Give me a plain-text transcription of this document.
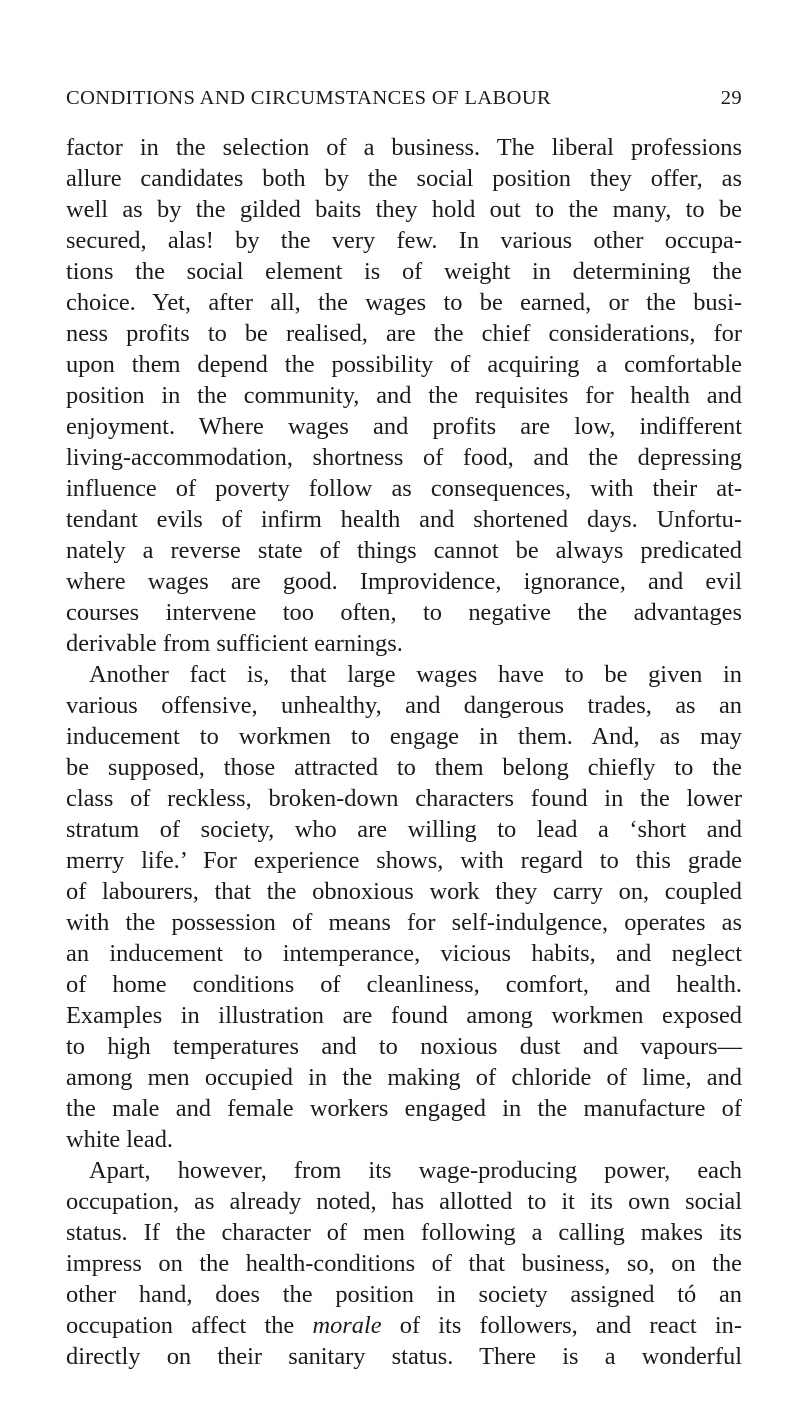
CONDITIONS AND CIRCUMSTANCES OF LABOUR	29
factor in the selection of a business. The liberal professions
allure candidates both by the social position they offer, as
well as by the gilded baits they hold out to the many, to be
secured, alas! by the very few. In various other occupa-
tions the social element is of weight in determining the
choice. Yet, after all, the wages to be earned, or the busi-
ness profits to be realised, are the chief considerations, for
upon them depend the possibility of acquiring a comfortable
position in the community, and the requisites for health and
enjoyment. Where wages and profits are low, indifferent
living-accommodation, shortness of food, and the depressing
influence of poverty follow as consequences, with their at-
tendant evils of infirm health and shortened days. Unfortu-
nately a reverse state of things cannot be always predicated
where wages are good. Improvidence, ignorance, and evil
courses intervene too often, to negative the advantages
derivable from sufficient earnings.
Another fact is, that large wages have to be given in
various offensive, unhealthy, and dangerous trades, as an
inducement to workmen to engage in them. And, as may
be supposed, those attracted to them belong chiefly to the
class of reckless, broken-down characters found in the lower
stratum of society, who are willing to lead a ‘short and
merry life.’ For experience shows, with regard to this grade
of labourers, that the obnoxious work they carry on, coupled
with the possession of means for self-indulgence, operates as
an inducement to intemperance, vicious habits, and neglect
of home conditions of cleanliness, comfort, and health.
Examples in illustration are found among workmen exposed
to high temperatures and to noxious dust and vapours—
among men occupied in the making of chloride of lime, and
the male and female workers engaged in the manufacture of
white lead.
Apart, however, from its wage-producing power, each
occupation, as already noted, has allotted to it its own social
status. If the character of men following a calling makes its
impress on the health-conditions of that business, so, on the
other hand, does the position in society assigned tó an
occupation affect the morale of its followers, and react in-
directly on their sanitary status. There is a wonderful
